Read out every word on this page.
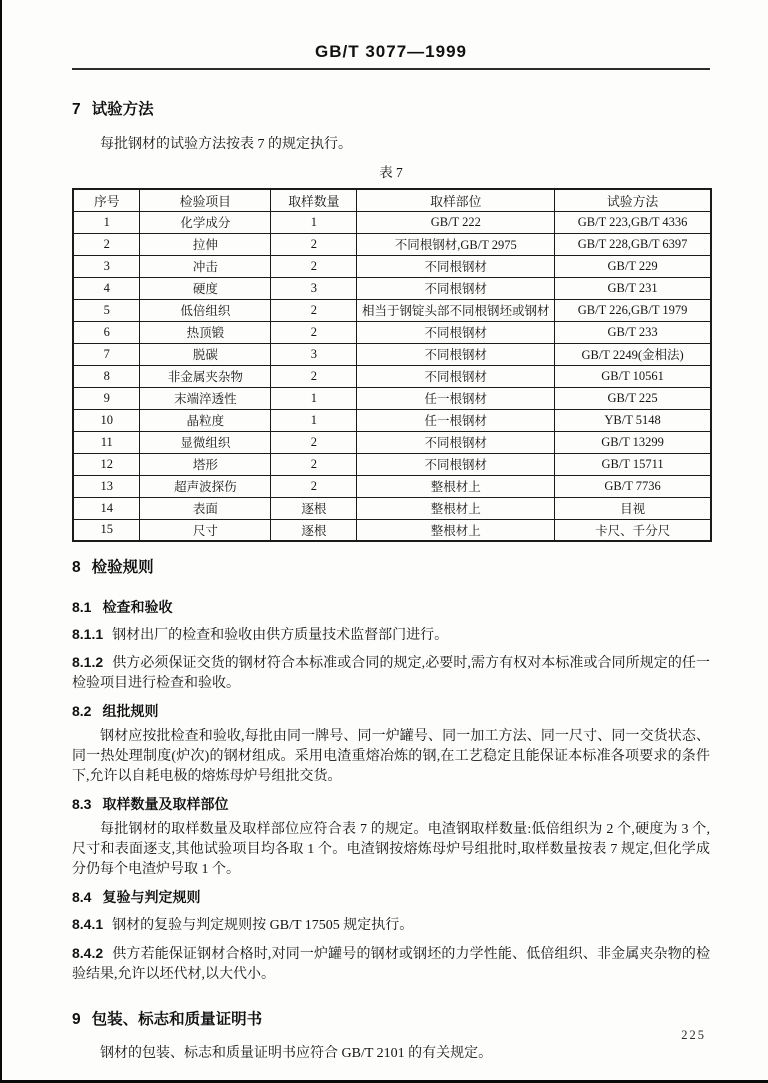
GB/T 3077—1999
7 试验方法

每批钢材的试验方法按表 7 的规定执行。

表 7
序号	检验项目	取样数量	取样部位	试验方法
1	化学成分	1	GB/T 222	GB/T 223,GB/T 4336
2	拉伸	2	不同根钢材,GB/T 2975	GB/T 228,GB/T 6397
3	冲击	2	不同根钢材	GB/T 229
4	硬度	3	不同根钢材	GB/T 231
5	低倍组织	2	相当于钢锭头部不同根钢坯或钢材	GB/T 226,GB/T 1979
6	热顶锻	2	不同根钢材	GB/T 233
7	脱碳	3	不同根钢材	GB/T 2249(金相法)
8	非金属夹杂物	2	不同根钢材	GB/T 10561
9	末端淬透性	1	任一根钢材	GB/T 225
10	晶粒度	1	任一根钢材	YB/T 5148
11	显微组织	2	不同根钢材	GB/T 13299
12	塔形	2	不同根钢材	GB/T 15711
13	超声波探伤	2	整根材上	GB/T 7736
14	表面	逐根	整根材上	目视
15	尺寸	逐根	整根材上	卡尺、千分尺
8 检验规则
8.1 检查和验收

8.1.1 钢材出厂的检查和验收由供方质量技术监督部门进行。

8.1.2 供方必须保证交货的钢材符合本标准或合同的规定,必要时,需方有权对本标准或合同所规定的任一检验项目进行检查和验收。

8.2 组批规则

钢材应按批检查和验收,每批由同一牌号、同一炉罐号、同一加工方法、同一尺寸、同一交货状态、同一热处理制度(炉次)的钢材组成。采用电渣重熔冶炼的钢,在工艺稳定且能保证本标准各项要求的条件下,允许以自耗电极的熔炼母炉号组批交货。

8.3 取样数量及取样部位

每批钢材的取样数量及取样部位应符合表 7 的规定。电渣钢取样数量:低倍组织为 2 个,硬度为 3 个,尺寸和表面逐支,其他试验项目均各取 1 个。电渣钢按熔炼母炉号组批时,取样数量按表 7 规定,但化学成分仍每个电渣炉号取 1 个。

8.4 复验与判定规则

8.4.1 钢材的复验与判定规则按 GB/T 17505 规定执行。

8.4.2 供方若能保证钢材合格时,对同一炉罐号的钢材或钢坯的力学性能、低倍组织、非金属夹杂物的检验结果,允许以坯代材,以大代小。

9 包装、标志和质量证明书

钢材的包装、标志和质量证明书应符合 GB/T 2101 的有关规定。

225
